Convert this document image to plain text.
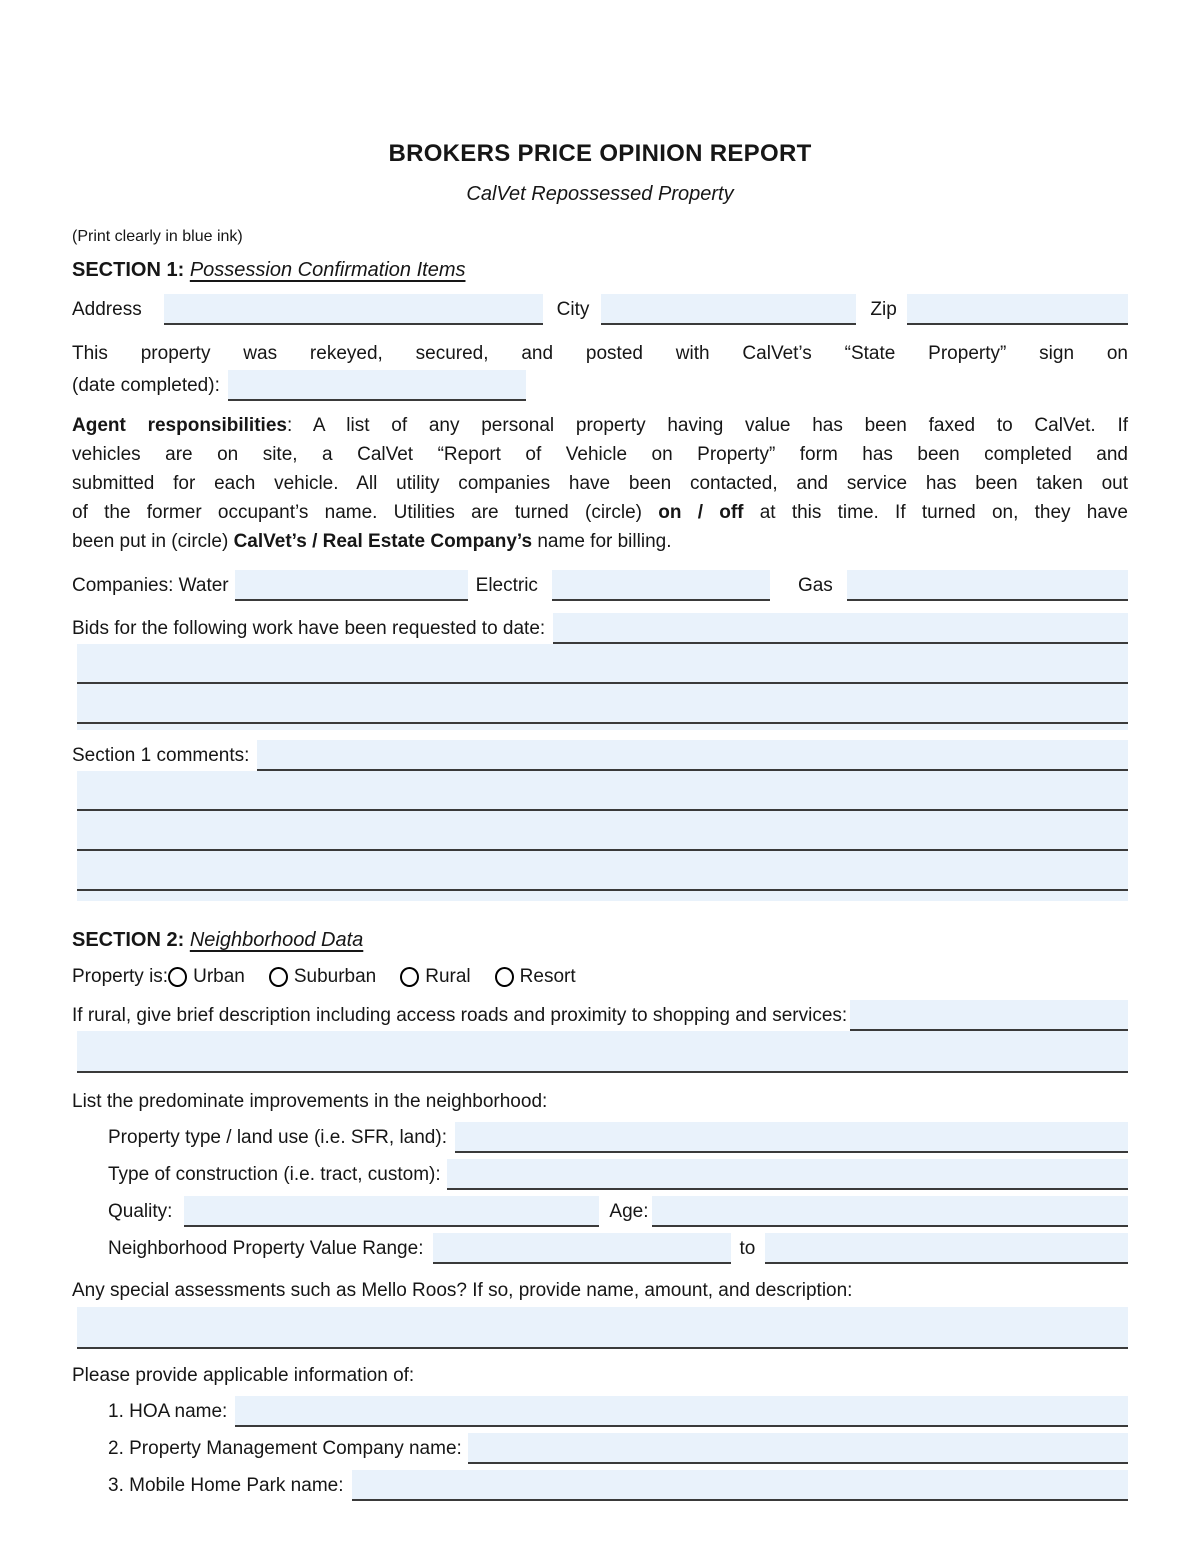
BROKERS PRICE OPINION REPORT
CalVet Repossessed Property
(Print clearly in blue ink)
SECTION 1: Possession Confirmation Items
Address	City	Zip
This property was rekeyed, secured, and posted with CalVet’s “State Property” sign on
(date completed):
Agent responsibilities: A list of any personal property having value has been faxed to CalVet. If
vehicles are on site, a CalVet “Report of Vehicle on Property” form has been completed and
submitted for each vehicle. All utility companies have been contacted, and service has been taken out
of the former occupant’s name. Utilities are turned (circle) on / off at this time. If turned on, they have
been put in (circle) CalVet’s / Real Estate Company’s name for billing.
Companies: Water	Electric	Gas
Bids for the following work have been requested to date:
Section 1 comments:
SECTION 2: Neighborhood Data
Property is: Urban	Suburban	Rural	Resort
If rural, give brief description including access roads and proximity to shopping and services:
List the predominate improvements in the neighborhood:
Property type / land use (i.e. SFR, land):
Type of construction (i.e. tract, custom):
Quality:	Age:
Neighborhood Property Value Range:	to
Any special assessments such as Mello Roos? If so, provide name, amount, and description:
Please provide applicable information of:
1. HOA name:
2. Property Management Company name:
3. Mobile Home Park name:
